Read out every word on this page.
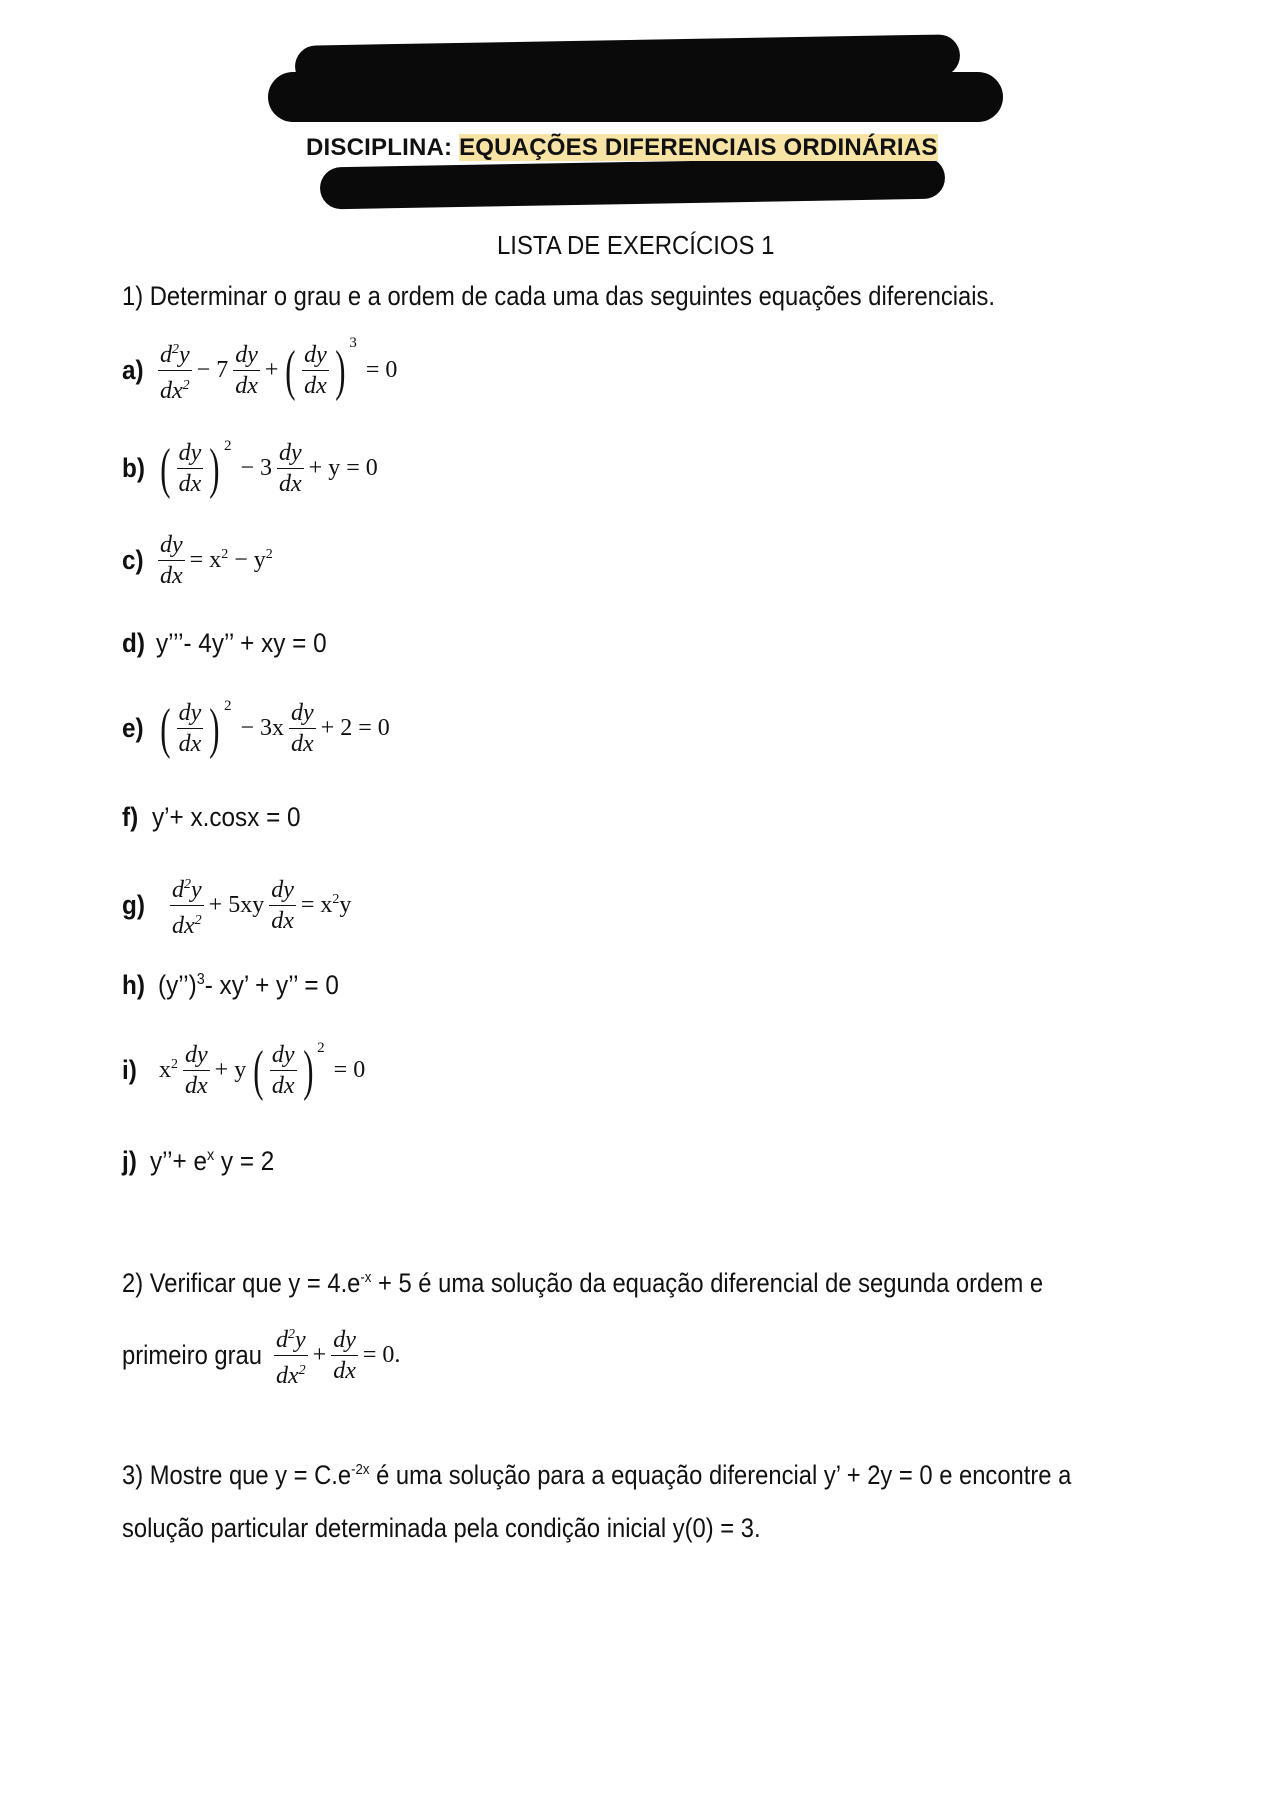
DISCIPLINA: EQUAÇÕES DIFERENCIAIS ORDINÁRIAS
LISTA DE EXERCÍCIOS 1
1) Determinar o grau e a ordem de cada uma das seguintes equações diferenciais.
$a) \frac{d^2y}{dx^2} - 7 \frac{dy}{dx}$ + ( $\frac{dy}{dx}$ ) 3
= 0
b) ( $\frac{dy}{dx}$ ) 2
− $3 \frac{dy}{dx} + y = 0$
$c) \frac{dy}{dx} = x^2 - y^2$
d) y’’’- 4y’’ + xy = 0
e) ( $\frac{dy}{dx}$ ) 2
− $3x \frac{dy}{dx} + 2 = 0$
f) y’+ x.cosx = 0
g)	$\frac{d^2y}{dx^2} + 5xy \frac{dy}{dx} = x^2y$
h) (y’’)$^3$- xy’ + y’’ = 0
i) $x^2 \frac{dy}{dx} + y$ ( $\frac{dy}{dx}$ ) 2
= 0
j) y’’+ $e^x$ y = 2
2) Verificar que $y = 4.e^{-x} + 5$ é uma solução da equação diferencial de segunda ordem e
primeiro grau $\frac{d^2y}{dx^2} + \frac{dy}{dx} = 0$.
3) Mostre que $y = C.e^{-2x}$ é uma solução para a equação diferencial y’ + 2y = 0 e encontre a
solução particular determinada pela condição inicial y(0) = 3.
